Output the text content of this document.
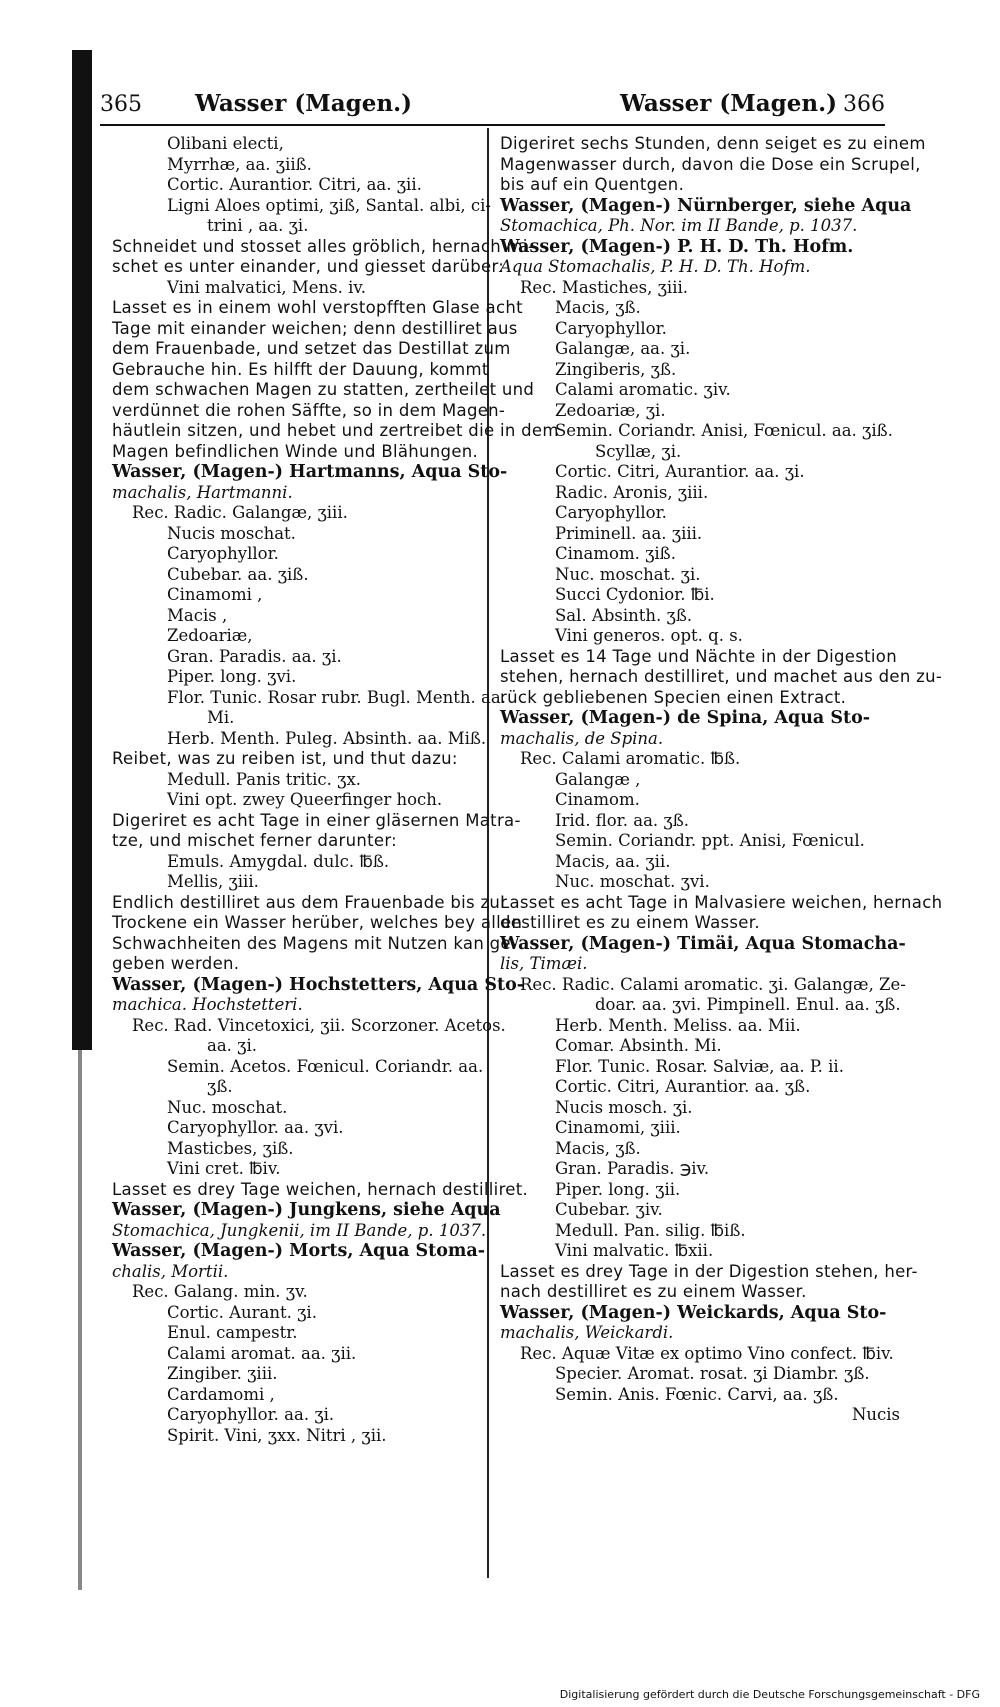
365 Wasser (Magen.)	Wasser (Magen.) 366

Olibani electi,

Myrrhæ, aa. ʒiiß.

Cortic. Aurantior. Citri, aa. ʒii.

Ligni Aloes optimi, ʒiß, Santal. albi, ci-

trini , aa. ʒi.

Schneidet und stosset alles gröblich, hernach mi-

schet es unter einander, und giesset darüber:

Vini malvatici, Mens. iv.

Lasset es in einem wohl verstopfften Glase acht

Tage mit einander weichen; denn destilliret aus

dem Frauenbade, und setzet das Destillat zum

Gebrauche hin. Es hilfft der Dauung, kommt

dem schwachen Magen zu statten, zertheilet und

verdünnet die rohen Säffte, so in dem Magen-

häutlein sitzen, und hebet und zertreibet die in dem

Magen befindlichen Winde und Blähungen.

Wasser, (Magen-) Hartmanns, Aqua Sto-

machalis, Hartmanni.

Rec. Radic. Galangæ, ʒiii.

Nucis moschat.

Caryophyllor.

Cubebar. aa. ʒiß.

Cinamomi ,

Macis ,

Zedoariæ,

Gran. Paradis. aa. ʒi.

Piper. long. ʒvi.

Flor. Tunic. Rosar rubr. Bugl. Menth. aa.

Mi.

Herb. Menth. Puleg. Absinth. aa. Miß.

Reibet, was zu reiben ist, und thut dazu:

Medull. Panis tritic. ʒx.

Vini opt. zwey Queerfinger hoch.

Digeriret es acht Tage in einer gläsernen Matra-

tze, und mischet ferner darunter:

Emuls. Amygdal. dulc. ℔ß.

Mellis, ʒiii.

Endlich destilliret aus dem Frauenbade bis zur

Trockene ein Wasser herüber, welches bey allen

Schwachheiten des Magens mit Nutzen kan ge-

geben werden.

Wasser, (Magen-) Hochstetters, Aqua Sto-

machica. Hochstetteri.

Rec. Rad. Vincetoxici, ʒii. Scorzoner. Acetos.

aa. ʒi.

Semin. Acetos. Fœnicul. Coriandr. aa.

ʒß.

Nuc. moschat.

Caryophyllor. aa. ʒvi.

Masticbes, ʒiß.

Vini cret. ℔iv.

Lasset es drey Tage weichen, hernach destilliret.

Wasser, (Magen-) Jungkens, siehe Aqua

Stomachica, Jungkenii, im II Bande, p. 1037.

Wasser, (Magen-) Morts, Aqua Stoma-

chalis, Mortii.

Rec. Galang. min. ʒv.

Cortic. Aurant. ʒi.

Enul. campestr.

Calami aromat. aa. ʒii.

Zingiber. ʒiii.

Cardamomi ,

Caryophyllor. aa. ʒi.

Spirit. Vini, ʒxx. Nitri , ʒii.

Digeriret sechs Stunden, denn seiget es zu einem

Magenwasser durch, davon die Dose ein Scrupel,

bis auf ein Quentgen.

Wasser, (Magen-) Nürnberger, siehe Aqua

Stomachica, Ph. Nor. im II Bande, p. 1037.

Wasser, (Magen-) P. H. D. Th. Hofm.

Aqua Stomachalis, P. H. D. Th. Hofm.

Rec. Mastiches, ʒiii.

Macis, ʒß.

Caryophyllor.

Galangæ, aa. ʒi.

Zingiberis, ʒß.

Calami aromatic. ʒiv.

Zedoariæ, ʒi.

Semin. Coriandr. Anisi, Fœnicul. aa. ʒiß.

Scyllæ, ʒi.

Cortic. Citri, Aurantior. aa. ʒi.

Radic. Aronis, ʒiii.

Caryophyllor.

Priminell. aa. ʒiii.

Cinamom. ʒiß.

Nuc. moschat. ʒi.

Succi Cydonior. ℔i.

Sal. Absinth. ʒß.

Vini generos. opt. q. s.

Lasset es 14 Tage und Nächte in der Digestion

stehen, hernach destilliret, und machet aus den zu-

rück gebliebenen Specien einen Extract.

Wasser, (Magen-) de Spina, Aqua Sto-

machalis, de Spina.

Rec. Calami aromatic. ℔ß.

Galangæ ,

Cinamom.

Irid. flor. aa. ʒß.

Semin. Coriandr. ppt. Anisi, Fœnicul.

Macis, aa. ʒii.

Nuc. moschat. ʒvi.

Lasset es acht Tage in Malvasiere weichen, hernach

destilliret es zu einem Wasser.

Wasser, (Magen-) Timäi, Aqua Stomacha-

lis, Timæi.

Rec. Radic. Calami aromatic. ʒi. Galangæ, Ze-

doar. aa. ʒvi. Pimpinell. Enul. aa. ʒß.

Herb. Menth. Meliss. aa. Mii.

Comar. Absinth. Mi.

Flor. Tunic. Rosar. Salviæ, aa. P. ii.

Cortic. Citri, Aurantior. aa. ʒß.

Nucis mosch. ʒi.

Cinamomi, ʒiii.

Macis, ʒß.

Gran. Paradis. ℈iv.

Piper. long. ʒii.

Cubebar. ʒiv.

Medull. Pan. silig. ℔iß.

Vini malvatic. ℔xii.

Lasset es drey Tage in der Digestion stehen, her-

nach destilliret es zu einem Wasser.

Wasser, (Magen-) Weickards, Aqua Sto-

machalis, Weickardi.

Rec. Aquæ Vitæ ex optimo Vino confect. ℔iv.

Specier. Aromat. rosat. ʒi Diambr. ʒß.

Semin. Anis. Fœnic. Carvi, aa. ʒß.

Nucis

Digitalisierung gefördert durch die Deutsche Forschungsgemeinschaft - DFG
